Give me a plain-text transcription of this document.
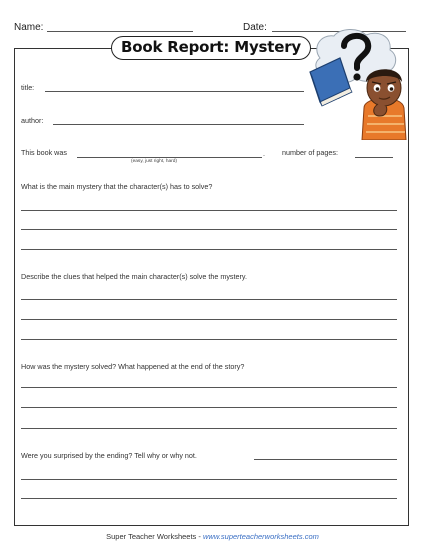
Name:	Date:
Book Report: Mystery
title:
author:
This book was	.
(easy, just right, hard)
number of pages:
What is the main mystery that the character(s) has to solve?
Describe the clues that helped the main character(s) solve the mystery.
How was the mystery solved? What happened at the end of the story?
Were you surprised by the ending? Tell why or why not.
Super Teacher Worksheets - www.superteacherworksheets.com
